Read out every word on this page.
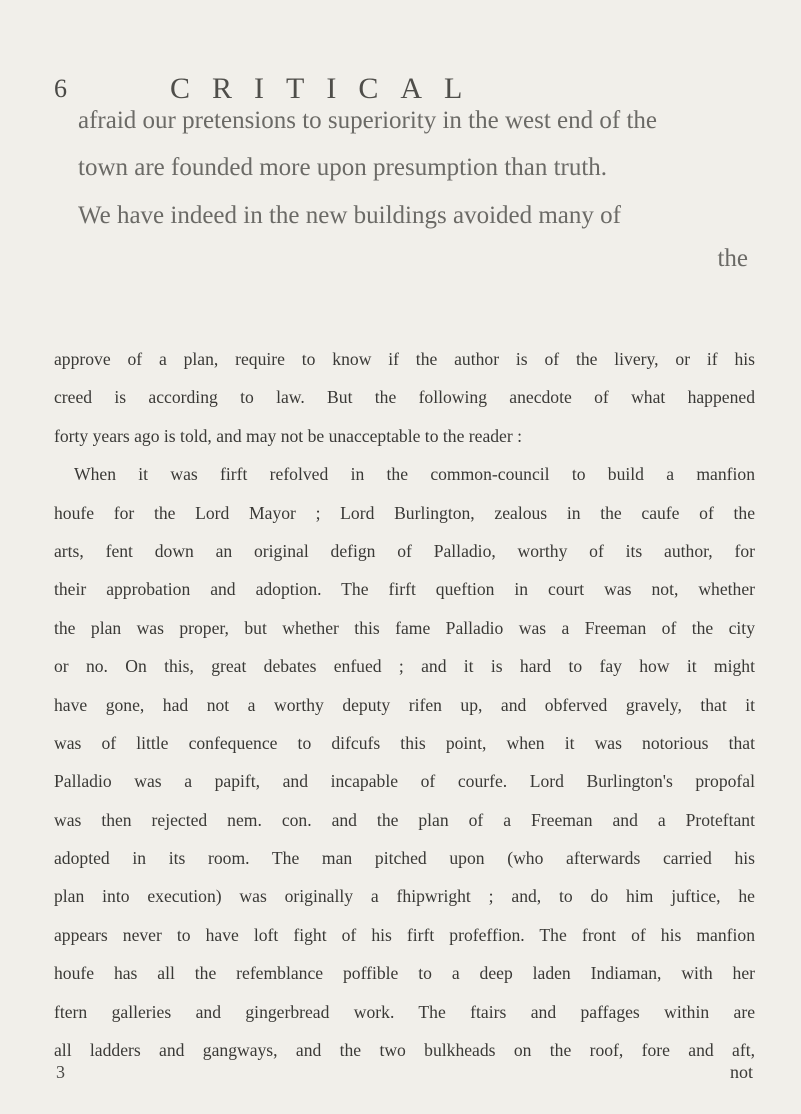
6	CRITICAL
afraid our pretensions to superiority in the west end of the
town are founded more upon presumption than truth.
We have indeed in the new buildings avoided many of
the
approve of a plan, require to know if the author is of the livery, or if his
creed is according to law. But the following anecdote of what happened
forty years ago is told, and may not be unacceptable to the reader :
When it was firft refolved in the common-council to build a manfion
houfe for the Lord Mayor ; Lord Burlington, zealous in the caufe of the
arts, fent down an original defign of Palladio, worthy of its author, for
their approbation and adoption. The firft queftion in court was not, whether
the plan was proper, but whether this fame Palladio was a Freeman of the city
or no. On this, great debates enfued ; and it is hard to fay how it might
have gone, had not a worthy deputy rifen up, and obferved gravely, that it
was of little confequence to difcufs this point, when it was notorious that
Palladio was a papift, and incapable of courfe. Lord Burlington's propofal
was then rejected nem. con. and the plan of a Freeman and a Proteftant
adopted in its room. The man pitched upon (who afterwards carried his
plan into execution) was originally a fhipwright ; and, to do him juftice, he
appears never to have loft fight of his firft profeffion. The front of his manfion
houfe has all the refemblance poffible to a deep laden Indiaman, with her
ftern galleries and gingerbread work. The ftairs and paffages within are
all ladders and gangways, and the two bulkheads on the roof, fore and aft,
3	not
